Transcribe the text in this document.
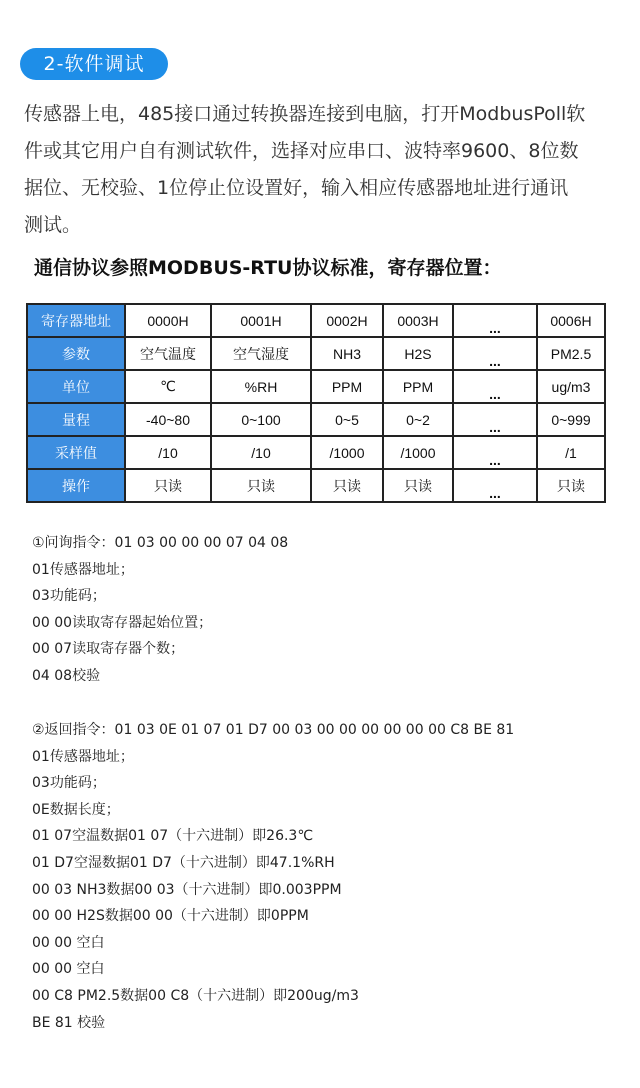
2-软件调试
传感器上电，485接口通过转换器连接到电脑，打开ModbusPoll软
件或其它用户自有测试软件，选择对应串口、波特率9600、8位数
据位、无校验、1位停止位设置好，输入相应传感器地址进行通讯
测试。
通信协议参照MODBUS-RTU协议标准，寄存器位置：
寄存器地址	0000H	0001H	0002H	0003H	...	0006H
参数	空气温度	空气湿度	NH3	H2S	...	PM2.5
单位	℃	%RH	PPM	PPM	...	ug/m3
量程	-40~80	0~100	0~5	0~2	...	0~999
采样值	/10	/10	/1000	/1000	...	/1
操作	只读	只读	只读	只读	...	只读
①问询指令：01 03 00 00 00 07 04 08
01传感器地址；
03功能码；
00 00读取寄存器起始位置；
00 07读取寄存器个数；
04 08校验
②返回指令：01 03 0E 01 07 01 D7 00 03 00 00 00 00 00 00 C8 BE 81
01传感器地址；
03功能码；
0E数据长度；
01 07空温数据01 07（十六进制）即26.3℃
01 D7空湿数据01 D7（十六进制）即47.1%RH
00 03 NH3数据00 03（十六进制）即0.003PPM
00 00 H2S数据00 00（十六进制）即0PPM
00 00 空白
00 00 空白
00 C8 PM2.5数据00 C8（十六进制）即200ug/m3
BE 81 校验
